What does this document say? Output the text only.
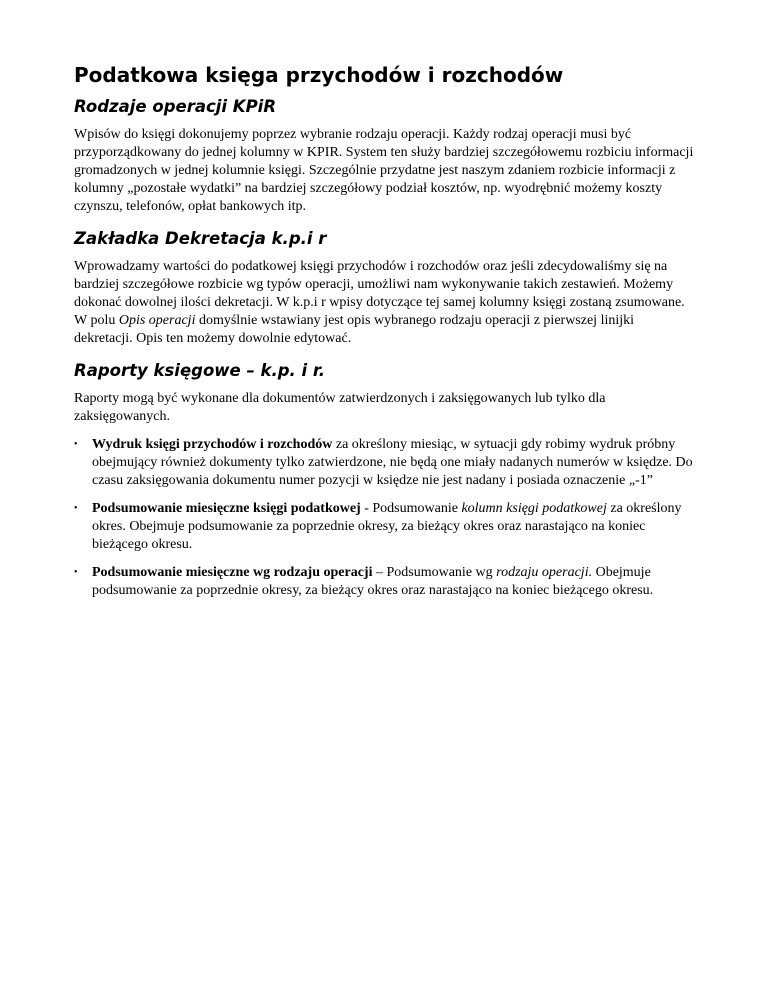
Podatkowa księga przychodów i rozchodów
Rodzaje operacji KPiR

Wpisów do księgi dokonujemy poprzez wybranie rodzaju operacji. Każdy rodzaj operacji musi być przyporządkowany do jednej kolumny w KPIR. System ten służy bardziej szczegółowemu rozbiciu informacji gromadzonych w jednej kolumnie księgi. Szczególnie przydatne jest naszym zdaniem rozbicie informacji z kolumny „pozostałe wydatki” na bardziej szczegółowy podział kosztów, np. wyodrębnić możemy koszty czynszu, telefonów, opłat bankowych itp.

Zakładka Dekretacja k.p.i r

Wprowadzamy wartości do podatkowej księgi przychodów i rozchodów oraz jeśli zdecydowaliśmy się na bardziej szczegółowe rozbicie wg typów operacji, umożliwi nam wykonywanie takich zestawień. Możemy dokonać dowolnej ilości dekretacji. W k.p.i r wpisy dotyczące tej samej kolumny księgi zostaną zsumowane. W polu Opis operacji domyślnie wstawiany jest opis wybranego rodzaju operacji z pierwszej linijki dekretacji. Opis ten możemy dowolnie edytować.

Raporty księgowe – k.p. i r.

Raporty mogą być wykonane dla dokumentów zatwierdzonych i zaksięgowanych lub tylko dla zaksięgowanych.

• Wydruk księgi przychodów i rozchodów za określony miesiąc, w sytuacji gdy robimy wydruk próbny obejmujący również dokumenty tylko zatwierdzone, nie będą one miały nadanych numerów w księdze. Do czasu zaksięgowania dokumentu numer pozycji w księdze nie jest nadany i posiada oznaczenie „-1”
• Podsumowanie miesięczne księgi podatkowej - Podsumowanie kolumn księgi podatkowej za określony okres. Obejmuje podsumowanie za poprzednie okresy, za bieżący okres oraz narastająco na koniec bieżącego okresu.
• Podsumowanie miesięczne wg rodzaju operacji – Podsumowanie wg rodzaju operacji. Obejmuje podsumowanie za poprzednie okresy, za bieżący okres oraz narastająco na koniec bieżącego okresu.
